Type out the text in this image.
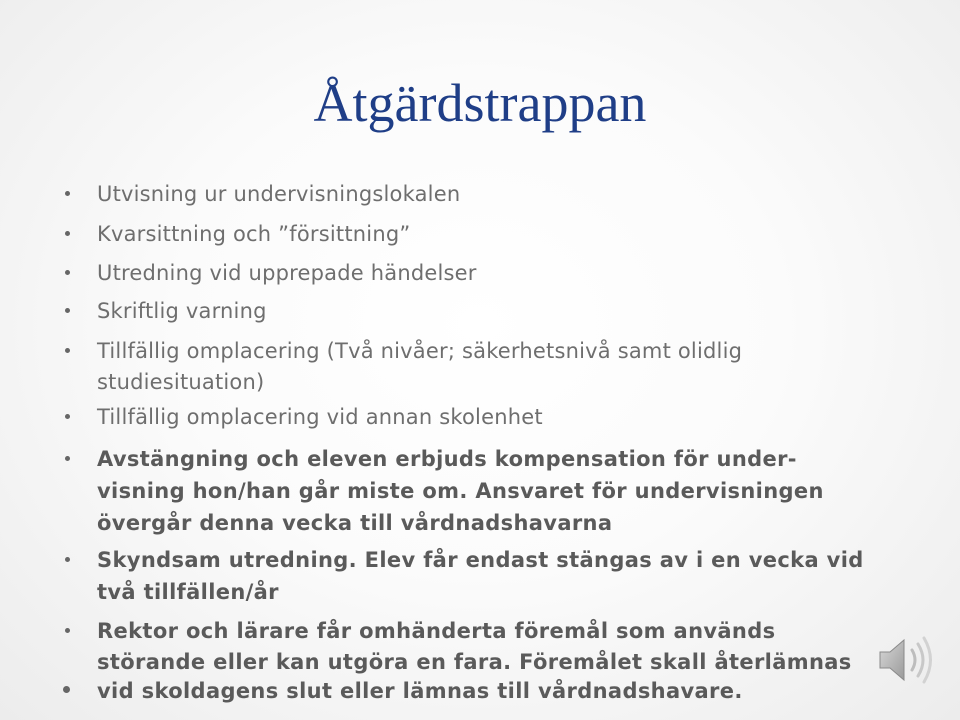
Åtgärdstrappan

Utvisning ur undervisningslokalen

Kvarsittning och ”försittning”

Utredning vid upprepade händelser

Skriftlig varning

Tillfällig omplacering (Två nivåer; säkerhetsnivå samt olidlig

studiesituation)

Tillfällig omplacering vid annan skolenhet

Avstängning och eleven erbjuds kompensation för under-

visning hon/han går miste om. Ansvaret för undervisningen

övergår denna vecka till vårdnadshavarna

Skyndsam utredning. Elev får endast stängas av i en vecka vid

två tillfällen/år

Rektor och lärare får omhänderta föremål som används

störande eller kan utgöra en fara. Föremålet skall återlämnas

vid skoldagens slut eller lämnas till vårdnadshavare.
